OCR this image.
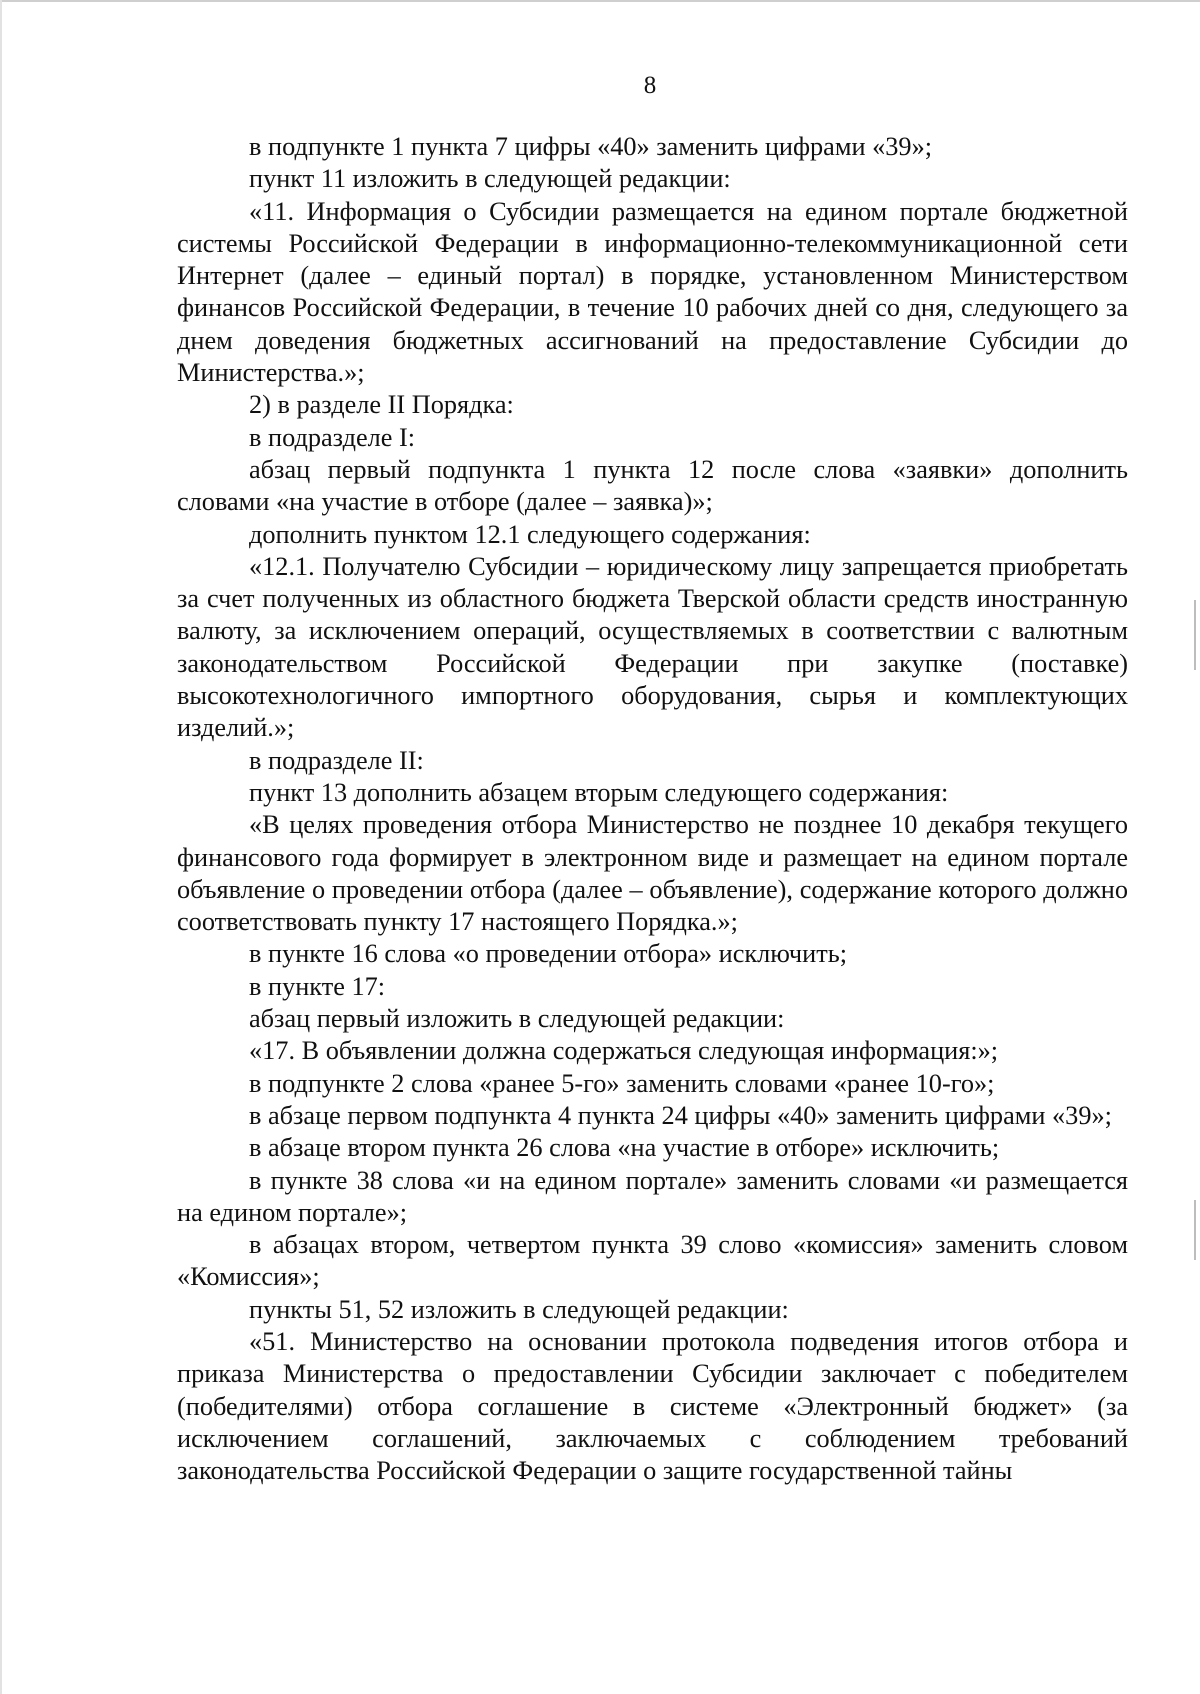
8

в подпункте 1 пункта 7 цифры «40» заменить цифрами «39»;

пункт 11 изложить в следующей редакции:

«11. Информация о Субсидии размещается на едином портале бюджетной системы Российской Федерации в информационно-телекоммуникационной сети Интернет (далее – единый портал) в порядке, установленном Министерством финансов Российской Федерации, в течение 10 рабочих дней со дня, следующего за днем доведения бюджетных ассигнований на предоставление Субсидии до Министерства.»;

2) в разделе II Порядка:

в подразделе I:

абзац первый подпункта 1 пункта 12 после слова «заявки» дополнить словами «на участие в отборе (далее – заявка)»;

дополнить пунктом 12.1 следующего содержания:

«12.1. Получателю Субсидии – юридическому лицу запрещается приобретать за счет полученных из областного бюджета Тверской области средств иностранную валюту, за исключением операций, осуществляемых в соответствии с валютным законодательством Российской Федерации при закупке (поставке) высокотехнологичного импортного оборудования, сырья и комплектующих изделий.»;

в подразделе II:

пункт 13 дополнить абзацем вторым следующего содержания:

«В целях проведения отбора Министерство не позднее 10 декабря текущего финансового года формирует в электронном виде и размещает на едином портале объявление о проведении отбора (далее – объявление), содержание которого должно соответствовать пункту 17 настоящего Порядка.»;

в пункте 16 слова «о проведении отбора» исключить;

в пункте 17:

абзац первый изложить в следующей редакции:

«17. В объявлении должна содержаться следующая информация:»;

в подпункте 2 слова «ранее 5-го» заменить словами «ранее 10-го»;

в абзаце первом подпункта 4 пункта 24 цифры «40» заменить цифрами «39»;

в абзаце втором пункта 26 слова «на участие в отборе» исключить;

в пункте 38 слова «и на едином портале» заменить словами «и размещается на едином портале»;

в абзацах втором, четвертом пункта 39 слово «комиссия» заменить словом «Комиссия»;

пункты 51, 52 изложить в следующей редакции:

«51. Министерство на основании протокола подведения итогов отбора и приказа Министерства о предоставлении Субсидии заключает с победителем (победителями) отбора соглашение в системе «Электронный бюджет» (за исключением соглашений, заключаемых с соблюдением требований законодательства Российской Федерации о защите государственной тайны
